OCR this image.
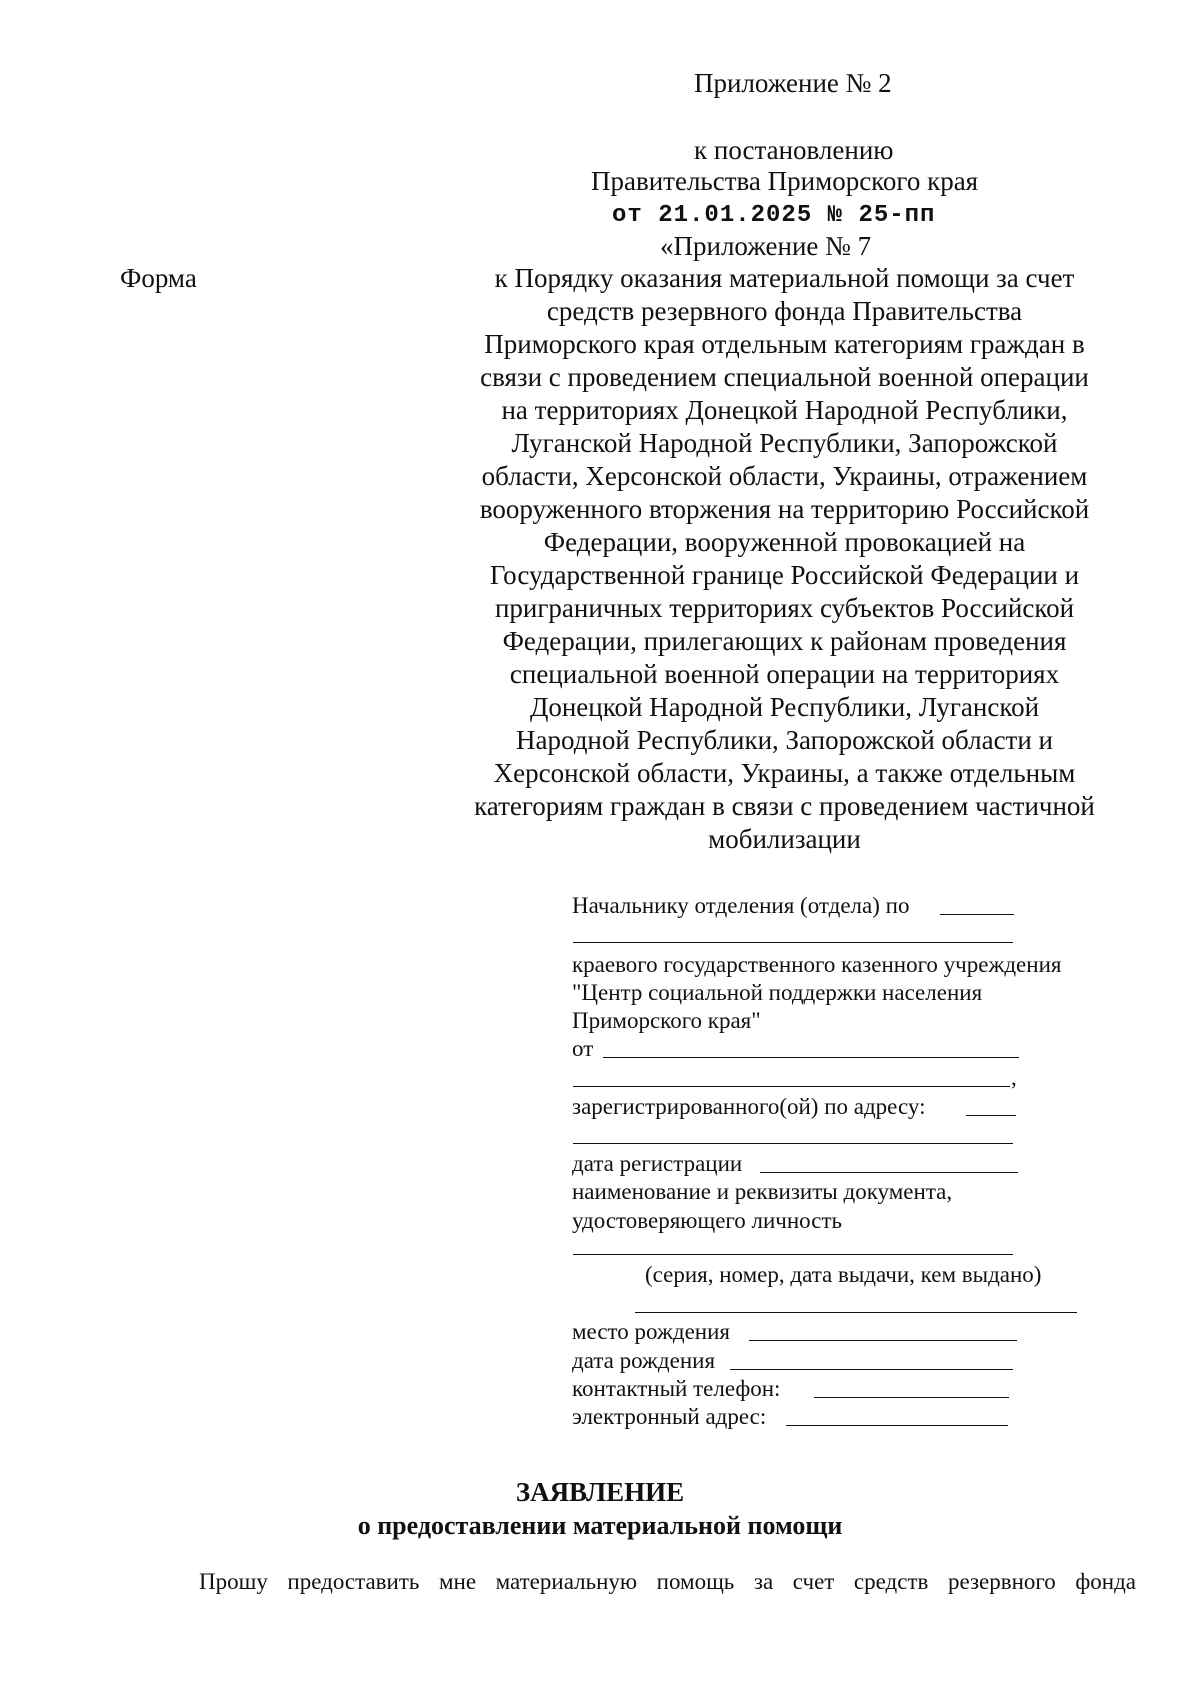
Приложение № 2
к постановлению
Правительства Приморского края
от 21.01.2025 № 25-пп
«Приложение № 7
Форма	к Порядку оказания материальной помощи за счет
средств резервного фонда Правительства
Приморского края отдельным категориям граждан в
связи с проведением специальной военной операции
на территориях Донецкой Народной Республики,
Луганской Народной Республики, Запорожской
области, Херсонской области, Украины, отражением
вооруженного вторжения на территорию Российской
Федерации, вооруженной провокацией на
Государственной границе Российской Федерации и
приграничных территориях субъектов Российской
Федерации, прилегающих к районам проведения
специальной военной операции на территориях
Донецкой Народной Республики, Луганской
Народной Республики, Запорожской области и
Херсонской области, Украины, а также отдельным
категориям граждан в связи с проведением частичной
мобилизации
Начальнику отделения (отдела) по
краевого государственного казенного учреждения
"Центр социальной поддержки населения
Приморского края"
от
,
зарегистрированного(ой) по адресу:
дата регистрации
наименование и реквизиты документа,
удостоверяющего личность
(серия, номер, дата выдачи, кем выдано)
место рождения
дата рождения
контактный телефон:
электронный адрес:
ЗАЯВЛЕНИЕ
о предоставлении материальной помощи
Прошу предоставить мне материальную помощь за счет средств резервного фонда
